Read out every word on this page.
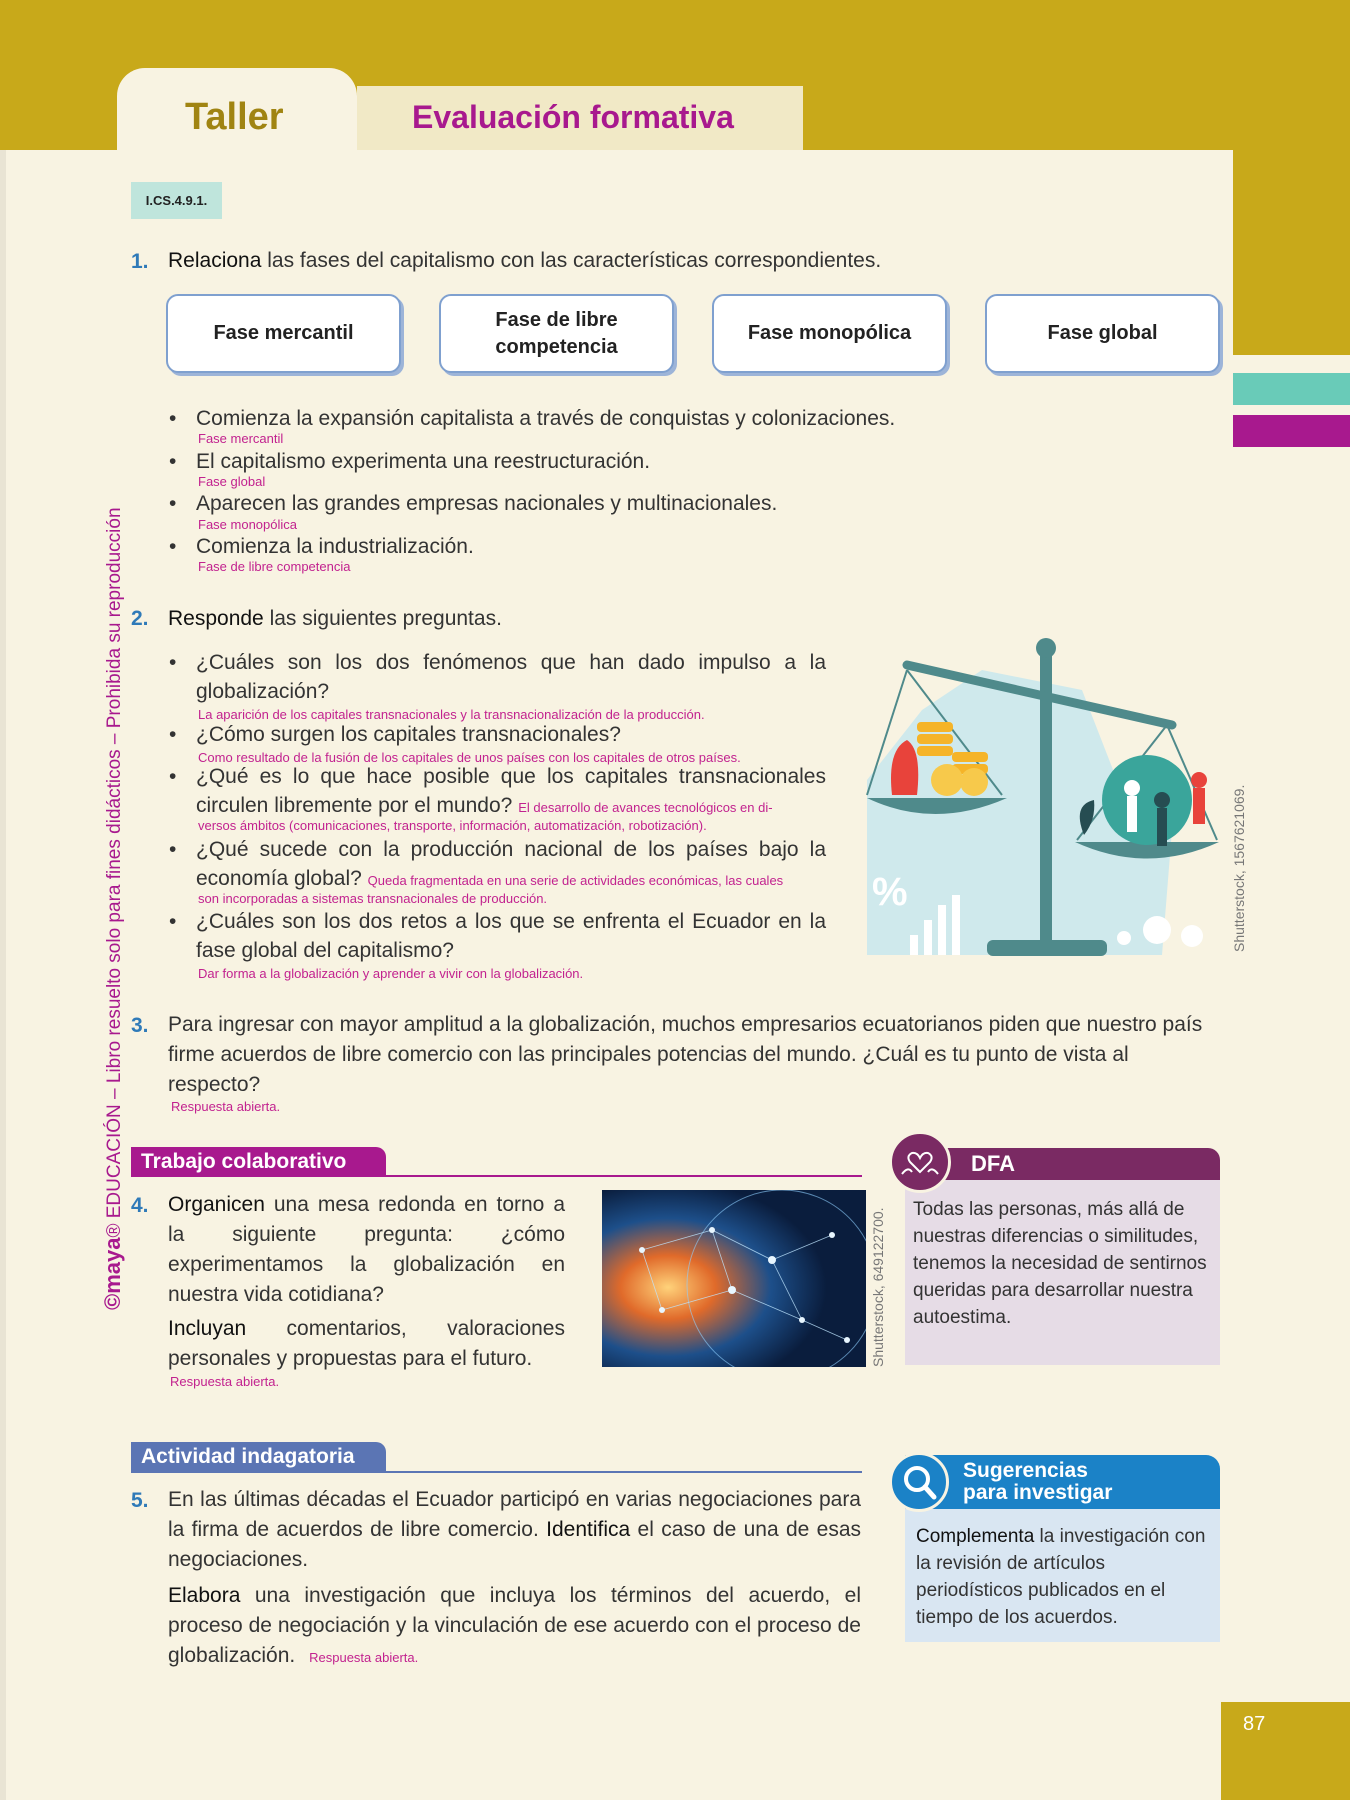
Taller	Evaluación formativa
I.CS.4.9.1.
©maya® EDUCACIÓN – Libro resuelto solo para fines didácticos – Prohibida su reproducción
1. Relaciona las fases del capitalismo con las características correspondientes.
Fase mercantil
Fase de libre competencia
Fase monopólica	Fase global
• Comienza la expansión capitalista a través de conquistas y colonizaciones.
Fase mercantil
• El capitalismo experimenta una reestructuración.
Fase global
• Aparecen las grandes empresas nacionales y multinacionales.
Fase monopólica
• Comienza la industrialización.
Fase de libre competencia
2. Responde las siguientes preguntas.
• ¿Cuáles son los dos fenómenos que han dado impulso a la globalización?
La aparición de los capitales transnacionales y la transnacionalización de la producción.
• ¿Cómo surgen los capitales transnacionales?
Como resultado de la fusión de los capitales de unos países con los capitales de otros países.
• ¿Qué es lo que hace posible que los capitales transnacionales circulen libremente por el mundo? El desarrollo de avances tecnológicos en di-
versos ámbitos (comunicaciones, transporte, información, automatización, robotización).
• ¿Qué sucede con la producción nacional de los países bajo la economía global? Queda fragmentada en una serie de actividades económicas, las cuales
son incorporadas a sistemas transnacionales de producción.
• ¿Cuáles son los dos retos a los que se enfrenta el Ecuador en la fase global del capitalismo?
Dar forma a la globalización y aprender a vivir con la globalización.
%	Shutterstock, 1567621069.
3. Para ingresar con mayor amplitud a la globalización, muchos empresarios ecuatorianos piden que nuestro país firme acuerdos de libre comercio con las principales potencias del mundo. ¿Cuál es tu punto de vista al respecto?
Respuesta abierta.
Trabajo colaborativo
4. Organicen una mesa redonda en torno a la siguiente pregunta: ¿cómo experimentamos la globalización en nuestra vida cotidiana?
Incluyan comentarios, valoraciones personales y propuestas para el futuro.
Respuesta abierta.
Shutterstock, 649122700.
DFA
Todas las personas, más allá de nuestras diferencias o similitudes, tenemos la necesidad de sentirnos queridas para desarrollar nuestra autoestima.
Actividad indagatoria
5. En las últimas décadas el Ecuador participó en varias negociaciones para la firma de acuerdos de libre comercio. Identifica el caso de una de esas negociaciones.
Elabora una investigación que incluya los términos del acuerdo, el proceso de negociación y la vinculación de ese acuerdo con el proceso de globalización. Respuesta abierta.
Sugerencias
para investigar
Complementa la investigación con la revisión de artículos periodísticos publicados en el tiempo de los acuerdos.
87
